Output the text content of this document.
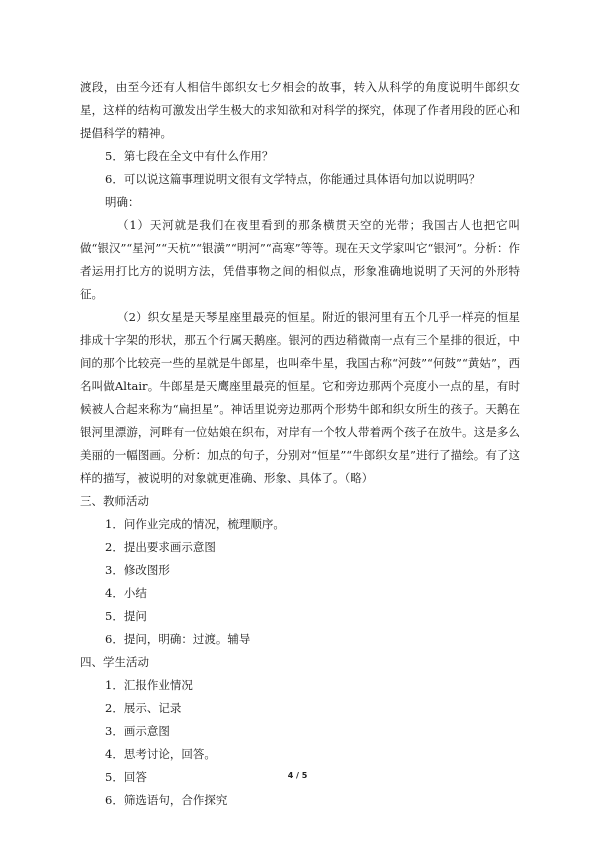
渡段，由至今还有人相信牛郎织女七夕相会的故事，转入从科学的角度说明牛郎织女星，这样的结构可激发出学生极大的求知欲和对科学的探究，体现了作者用段的匠心和提倡科学的精神。

5．第七段在全文中有什么作用？

6．可以说这篇事理说明文很有文学特点，你能通过具体语句加以说明吗？

明确：

（1）天河就是我们在夜里看到的那条横贯天空的光带；我国古人也把它叫做“银汉”“星河”“天杭”“银潢”“明河”“高寒”等等。现在天文学家叫它“银河”。分析：作者运用打比方的说明方法，凭借事物之间的相似点，形象准确地说明了天河的外形特征。

（2）织女星是天琴星座里最亮的恒星。附近的银河里有五个几乎一样亮的恒星排成十字架的形状，那五个行属天鹅座。银河的西边稍微南一点有三个星排的很近，中间的那个比较亮一些的星就是牛郎星，也叫牵牛星，我国古称“河鼓”“何鼓”“黄姑”，西名叫做Altair。牛郎星是天鹰座里最亮的恒星。它和旁边那两个亮度小一点的星，有时候被人合起来称为“扁担星”。神话里说旁边那两个形势牛郎和织女所生的孩子。天鹅在银河里漂游，河畔有一位姑娘在织布，对岸有一个牧人带着两个孩子在放牛。这是多么美丽的一幅图画。分析：加点的句子，分别对“恒星”“牛郎织女星”进行了描绘。有了这样的描写，被说明的对象就更准确、形象、具体了。（略）

三、教师活动

1．问作业完成的情况，梳理顺序。
2．提出要求画示意图
3．修改图形
4．小结
5．提问
6．提问，明确：过渡。辅导

四、学生活动

1．汇报作业情况
2．展示、记录
3．画示意图
4．思考讨论，回答。
5．回答
6．筛选语句，合作探究
4 / 5
